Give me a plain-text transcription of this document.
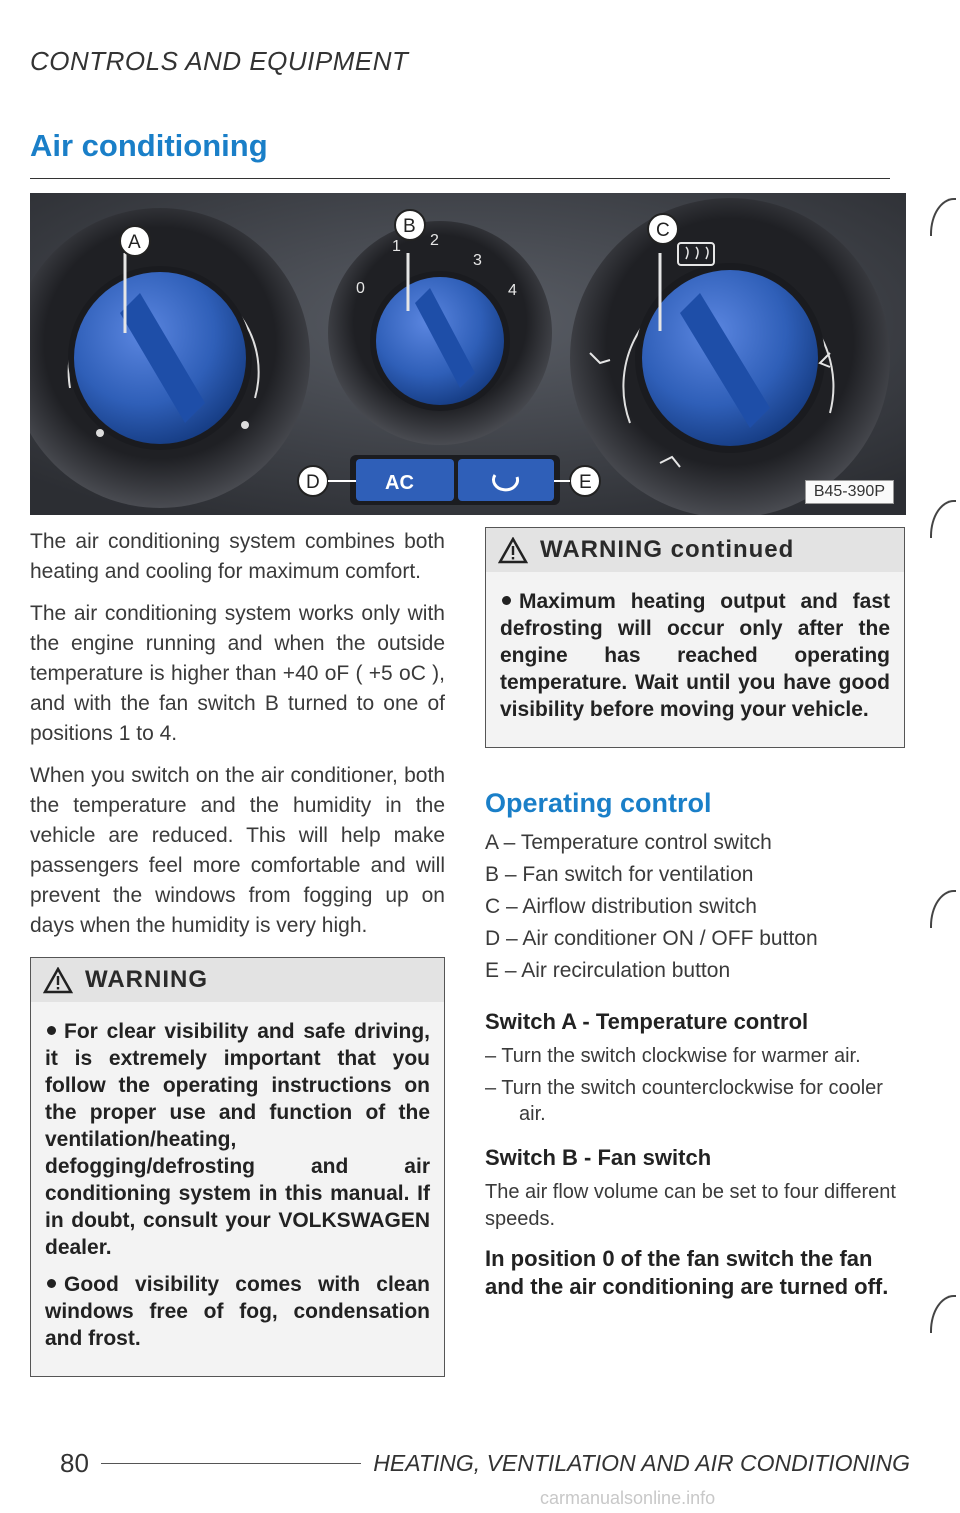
CONTROLS AND EQUIPMENT
Air conditioning
0
1 2
3
4
AC
A
B	C
D	E	B45-390P

The air conditioning system combines both heating and cooling for maximum comfort.

The air conditioning system works only with the engine running and when the outside temperature is higher than +40 oF ( +5 oC ), and with the fan switch B turned to one of positions 1 to 4.

When you switch on the air conditioner, both the temperature and the humidity in the vehicle are reduced. This will help make passengers feel more comfortable and will prevent the windows from fogging up on days when the humidity is very high.

WARNING
For clear visibility and safe driving, it is extremely important that you follow the operating instructions on the proper use and function of the ventilation/heating, defogging/defrosting and air conditioning system in this manual. If in doubt, consult your VOLKSWAGEN dealer.
Good visibility comes with clean windows free of fog, condensation and frost.
WARNING continued
Maximum heating output and fast defrosting will occur only after the engine has reached operating temperature. Wait until you have good visibility before moving your vehicle.
Operating control
A – Temperature control switch
B – Fan switch for ventilation
C – Airflow distribution switch
D – Air conditioner ON / OFF button
E – Air recirculation button
Switch A - Temperature control
– Turn the switch clockwise for warmer air.
– Turn the switch counterclockwise for cooler air.
Switch B - Fan switch

The air flow volume can be set to four different speeds.

In position 0 of the fan switch the fan and the air conditioning are turned off.

80	HEATING, VENTILATION AND AIR CONDITIONING
carmanualsonline.info
